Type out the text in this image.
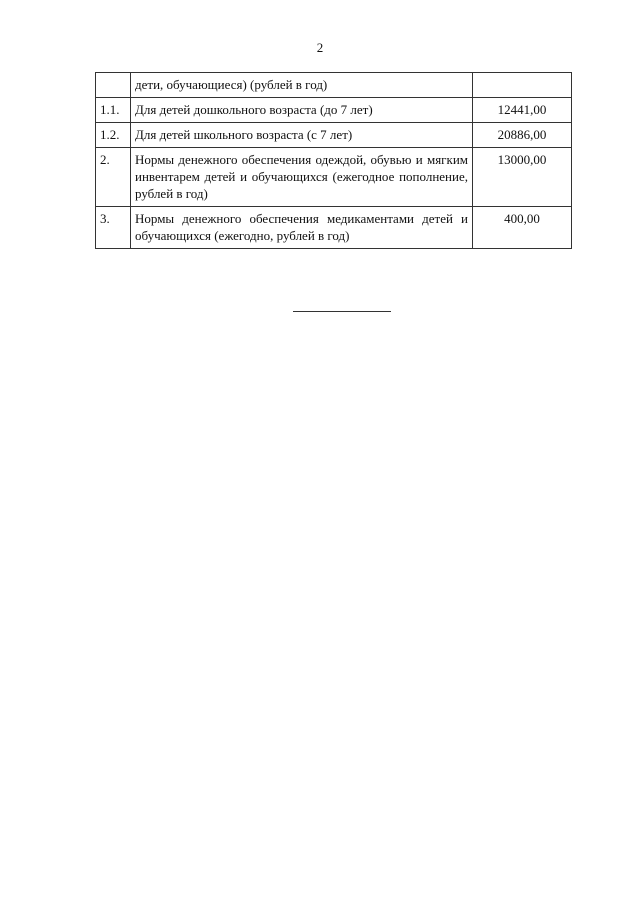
2
	дети, обучающиеся) (рублей в год)	
1.1.	Для детей дошкольного возраста (до 7 лет)	12441,00
1.2.	Для детей школьного возраста (с 7 лет)	20886,00
2.	Нормы денежного обеспечения одеждой, обувью и мягким инвентарем детей и обучающихся (ежегодное пополнение, рублей в год)	13000,00
3.	Нормы денежного обеспечения медикаментами детей и обучающихся (ежегодно, рублей в год)	400,00
